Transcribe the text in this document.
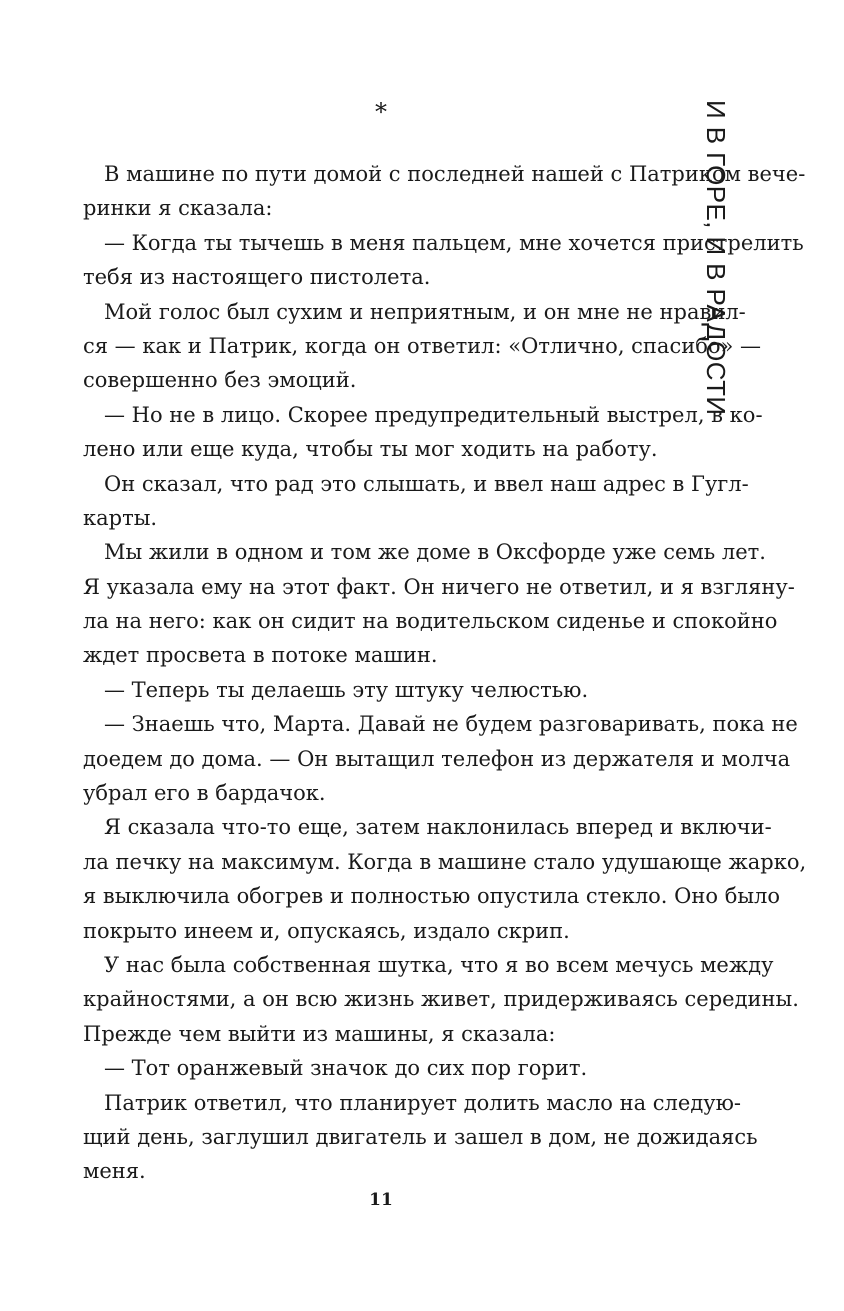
И В ГОРЕ, И В РАДОСТИ
*
В машине по пути домой с последней нашей с Патриком вече-
ринки я сказала:
— Когда ты тычешь в меня пальцем, мне хочется пристрелить
тебя из настоящего пистолета.
Мой голос был сухим и неприятным, и он мне не нравил-
ся — как и Патрик, когда он ответил: «Отлично, спасибо» —
совершенно без эмоций.
— Но не в лицо. Скорее предупредительный выстрел, в ко-
лено или еще куда, чтобы ты мог ходить на работу.
Он сказал, что рад это слышать, и ввел наш адрес в Гугл-
карты.
Мы жили в одном и том же доме в Оксфорде уже семь лет.
Я указала ему на этот факт. Он ничего не ответил, и я взгляну-
ла на него: как он сидит на водительском сиденье и спокойно
ждет просвета в потоке машин.
— Теперь ты делаешь эту штуку челюстью.
— Знаешь что, Марта. Давай не будем разговаривать, пока не
доедем до дома. — Он вытащил телефон из держателя и молча
убрал его в бардачок.
Я сказала что-то еще, затем наклонилась вперед и включи-
ла печку на максимум. Когда в машине стало удушающе жарко,
я выключила обогрев и полностью опустила стекло. Оно было
покрыто инеем и, опускаясь, издало скрип.
У нас была собственная шутка, что я во всем мечусь между
крайностями, а он всю жизнь живет, придерживаясь середины.
Прежде чем выйти из машины, я сказала:
— Тот оранжевый значок до сих пор горит.
Патрик ответил, что планирует долить масло на следую-
щий день, заглушил двигатель и зашел в дом, не дожидаясь
меня.
11
